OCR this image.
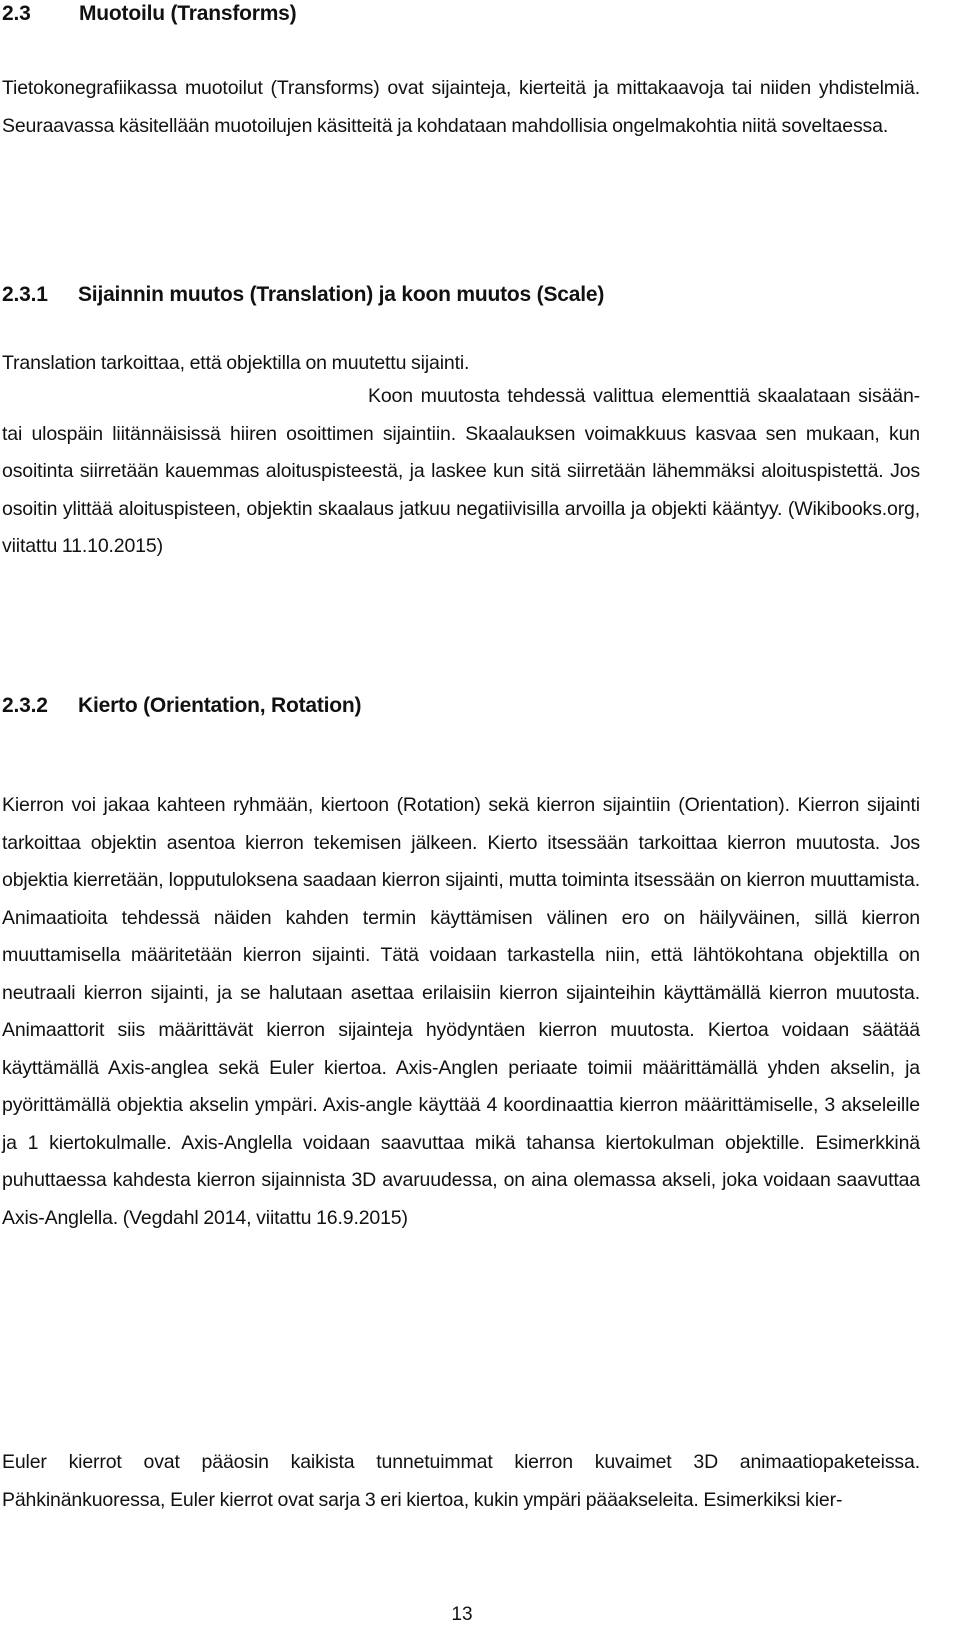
2.3 Muotoilu (Transforms)

Tietokonegrafiikassa muotoilut (Transforms) ovat sijainteja, kierteitä ja mittakaavoja tai niiden yhdistelmiä. Seuraavassa käsitellään muotoilujen käsitteitä ja kohdataan mahdollisia ongelmakohtia niitä soveltaessa.

2.3.1 Sijainnin muutos (Translation) ja koon muutos (Scale)

Translation tarkoittaa, että objektilla on muutettu sijainti.

Koon muutosta tehdessä valittua elementtiä skaalataan sisään- tai ulospäin liitännäisissä hiiren osoittimen sijaintiin. Skaalauksen voimakkuus kasvaa sen mukaan, kun osoitinta siirretään kauemmas aloituspisteestä, ja laskee kun sitä siirretään lähemmäksi aloituspistettä. Jos osoitin ylittää aloituspisteen, objektin skaalaus jatkuu negatiivisilla arvoilla ja objekti kääntyy. (Wikibooks.org, viitattu 11.10.2015)

2.3.2 Kierto (Orientation, Rotation)

Kierron voi jakaa kahteen ryhmään, kiertoon (Rotation) sekä kierron sijaintiin (Orientation). Kierron sijainti tarkoittaa objektin asentoa kierron tekemisen jälkeen. Kierto itsessään tarkoittaa kierron muutosta. Jos objektia kierretään, lopputuloksena saadaan kierron sijainti, mutta toiminta itsessään on kierron muuttamista. Animaatioita tehdessä näiden kahden termin käyttämisen välinen ero on häilyväinen, sillä kierron muuttamisella määritetään kierron sijainti. Tätä voidaan tarkastella niin, että lähtökohtana objektilla on neutraali kierron sijainti, ja se halutaan asettaa erilaisiin kierron sijainteihin käyttämällä kierron muutosta. Animaattorit siis määrittävät kierron sijainteja hyödyntäen kierron muutosta. Kiertoa voidaan säätää käyttämällä Axis-anglea sekä Euler kiertoa. Axis-Anglen periaate toimii määrittämällä yhden akselin, ja pyörittämällä objektia akselin ympäri. Axis-angle käyttää 4 koordinaattia kierron määrittämiselle, 3 akseleille ja 1 kiertokulmalle. Axis-Anglella voidaan saavuttaa mikä tahansa kiertokulman objektille. Esimerkkinä puhuttaessa kahdesta kierron sijainnista 3D avaruudessa, on aina olemassa akseli, joka voidaan saavuttaa Axis-Anglella. (Vegdahl 2014, viitattu 16.9.2015)

Euler kierrot ovat pääosin kaikista tunnetuimmat kierron kuvaimet 3D animaatiopaketeissa. Pähkinänkuoressa, Euler kierrot ovat sarja 3 eri kiertoa, kukin ympäri pääakseleita. Esimerkiksi kier-

13
